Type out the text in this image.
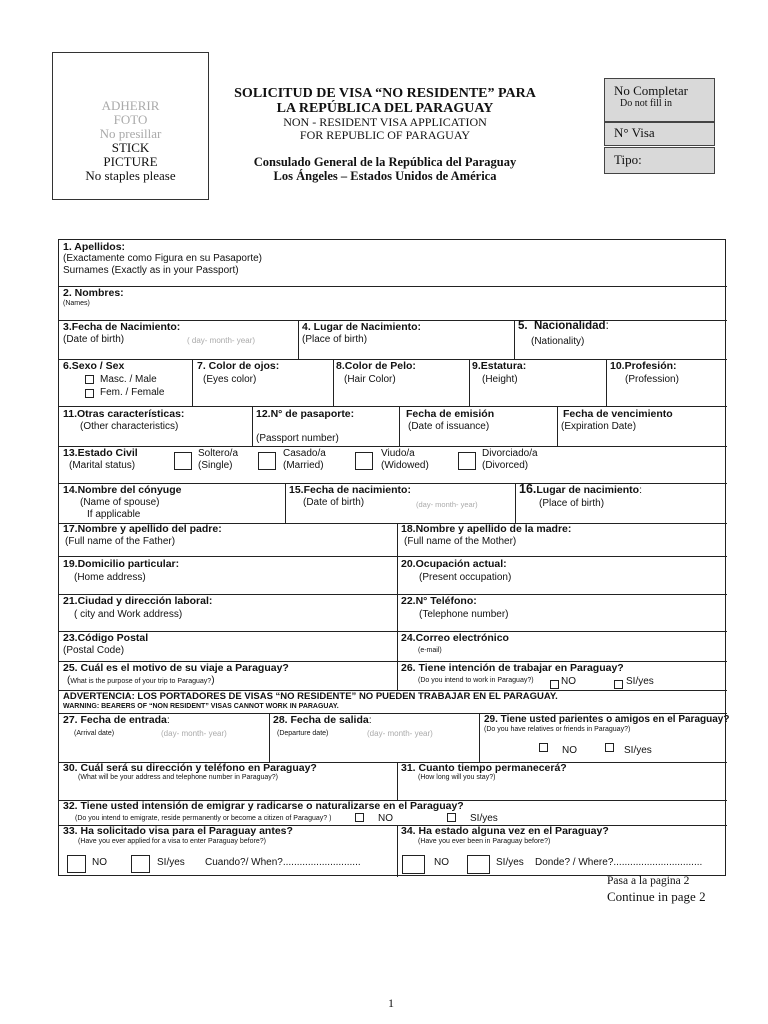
ADHERIR
FOTO
No presillar
STICK
PICTURE
No staples please
SOLICITUD DE VISA “NO RESIDENTE” PARA
LA REPÚBLICA DEL PARAGUAY
NON - RESIDENT VISA APPLICATION
FOR REPUBLIC OF PARAGUAY
Consulado General de la República del Paraguay
Los Ángeles – Estados Unidos de América
No Completar
Do not fill in
N° Visa
Tipo:
1. Apellidos:
(Exactamente como Figura en su Pasaporte)
Surnames (Exactly as in your Passport)
2. Nombres:
(Names)
3.Fecha de Nacimiento:
(Date of birth)	( day- month- year)
4. Lugar de Nacimiento:
(Place of birth)
5. Nacionalidad:
(Nationality)
6.Sexo / Sex
Masc. / Male
Fem. / Female
7. Color de ojos:
(Eyes color)
8.Color de Pelo:
(Hair Color)
9.Estatura:
(Height)
10.Profesión:
(Profession)
11.Otras características:
(Other characteristics)
12.N° de pasaporte:
(Passport number)
Fecha de emisión
(Date of issuance)
Fecha de vencimiento
(Expiration Date)
13.Estado Civil
(Marital status)
Soltero/a
(Single)
Casado/a
(Married)
Viudo/a
(Widowed)
Divorciado/a
(Divorced)
14.Nombre del cónyuge
(Name of spouse)
If applicable
15.Fecha de nacimiento:
(Date of birth)	(day- month- year)
16.Lugar de nacimiento:
(Place of birth)
17.Nombre y apellido del padre:
(Full name of the Father)
18.Nombre y apellido de la madre:
(Full name of the Mother)
19.Domicilio particular:
(Home address)
20.Ocupación actual:
(Present occupation)
21.Ciudad y dirección laboral:
( city and Work address)
22.N° Teléfono:
(Telephone number)
23.Código Postal
(Postal Code)
24.Correo electrónico
(e-mail)
25. Cuál es el motivo de su viaje a Paraguay?
(What is the purpose of your trip to Paraguay?)
26. Tiene intención de trabajar en Paraguay?
(Do you intend to work in Paraguay?)	NO	SI/yes
ADVERTENCIA: LOS PORTADORES DE VISAS “NO RESIDENTE” NO PUEDEN TRABAJAR EN EL PARAGUAY.
WARNING: BEARERS OF “NON RESIDENT” VISAS CANNOT WORK IN PARAGUAY.
27. Fecha de entrada:
(Arrival date)	(day- month- year)
28. Fecha de salida:
(Departure date)	(day- month- year)
29. Tiene usted parientes o amigos en el Paraguay?
(Do you have relatives or friends in Paraguay?)
NO	SI/yes
30. Cuál será su dirección y teléfono en Paraguay?
(What will be your address and telephone number in Paraguay?)
31. Cuanto tiempo permanecerá?
(How long will you stay?)
32. Tiene usted intensión de emigrar y radicarse o naturalizarse en el Paraguay?
(Do you intend to emigrate, reside permanently or become a citizen of Paraguay? )	NO	SI/yes
33. Ha solicitado visa para el Paraguay antes?
(Have you ever applied for a visa to enter Paraguay before?)
NO	SI/yes Cuando?/ When?............................
34. Ha estado alguna vez en el Paraguay?
(Have you ever been in Paraguay before?)
NO	SI/yes Donde? / Where?................................
Pasa a la pagina 2
Continue in page 2
1
